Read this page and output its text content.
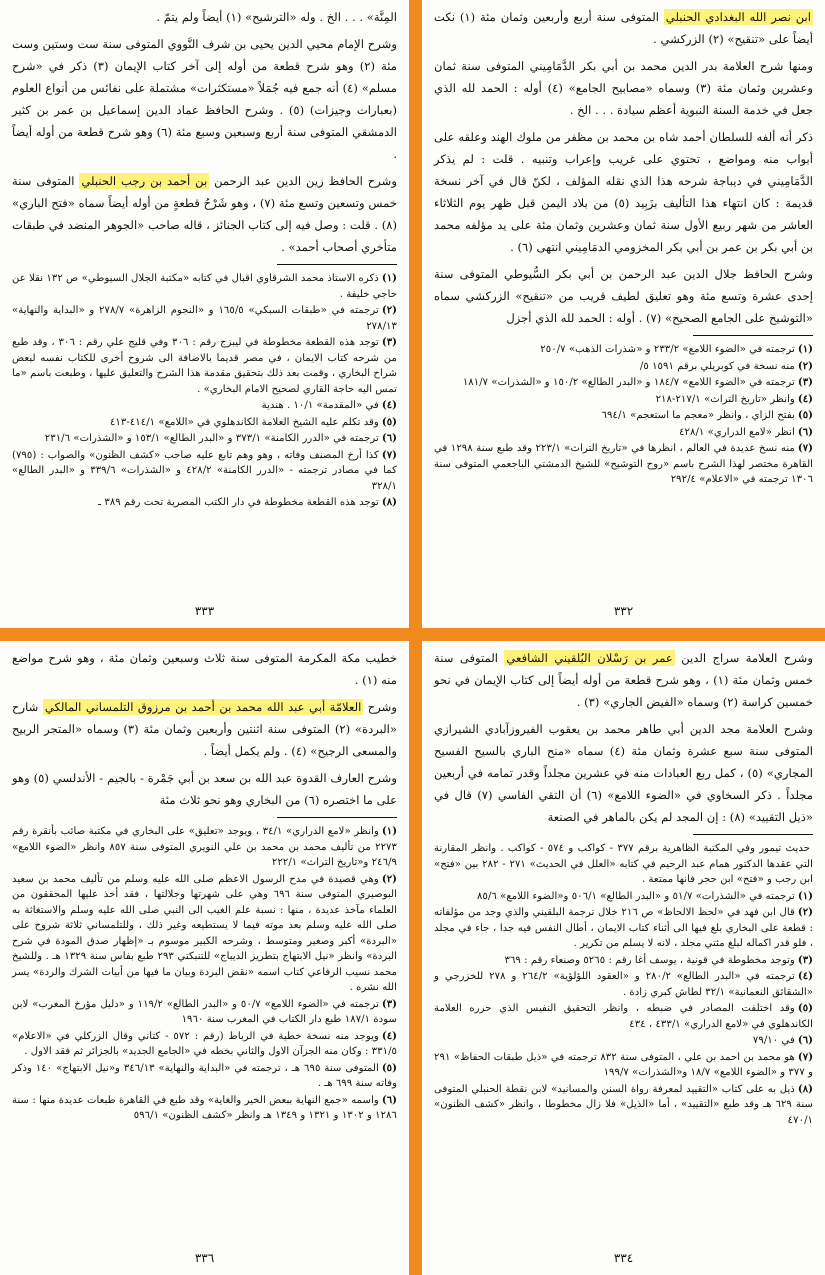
المِنَّة» . . . الخ . وله «الترشيح» (١) أيضاً ولم يتمّ .

وشرح الإمام محيي الدين يحيى بن شرف النَّووي المتوفى سنة ست وستين وست مئة (٢) وهو شرح قطعة من أوله إلى آخر كتاب الإيمان (٣) ذكر في «شرح مسلم» (٤) أنه جمع فيه جُمَلاً «مستكثرات» مشتملة على نفائس من أنواع العلوم (بعبارات وجيزات) (٥) . وشرح الحافظ عماد الدين إسماعيل بن عمر بن كثير الدمشقي المتوفى سنة أربع وسبعين وسبع مئة (٦) وهو شرح قطعة من أوله أيضاً .

وشرح الحافظ زين الدين عبد الرحمن بن أحمد بن رجب الحنبلي المتوفى سنة خمس وتسعين وتسع مئة (٧) ، وهو شَرْحُ قطعةٍ من أوله أيضاً سماه «فتح الباري» (٨) . قلت : وصل فيه إلى كتاب الجنائز ، قاله صاحب «الجوهر المنضد في طبقات متأخري أصحاب أحمد» .

(١)ذكره الاستاذ محمد الشرقاوي اقبال في كتابه «مكتبة الجلال السيوطي» ص ١٣٢ نقلا عن حاجي خليفة .
(٢)ترجمته في «طبقات السبكي» ١٦٥/٥ و «النجوم الزاهرة» ٢٧٨/٧ و «البداية والنهاية» ٢٧٨/١٣
(٣)توجد هذه القطعة مخطوطة في ليبزج رقم : ٣٠٦ وفي قليج علي رقم : ٣٠٦ ، وقد طبع من شرحه كتاب الايمان ، في مصر قديما بالاضافة الى شروح أخرى للكتاب نفسه لبعض شراح البخاري ، وقمت بعد ذلك بتحقيق مقدمة هذا الشرح والتعليق عليها ، وطبعت باسم «ما تمس اليه حاجة القاري لصحيح الامام البخاري» .
(٤)في «المقدمة» ١٠/١ . هندية
(٥)وقد تكلم عليه الشيخ العلامة الكاندهلوي في «اللامع» ٤١٤/١-٤١٣
(٦)ترجمته في «الدرر الكامنة» ٣٧٣/١ و «البدر الطالع» ١٥٣/١ و «الشذرات» ٢٣١/٦
(٧)كذا أرخ المصنف وفاته ، وهو وهم تابع عليه صاحب «كشف الظنون» والصواب : (٧٩٥) كما في مصادر ترجمته - «الدرر الكامنة» ٤٢٨/٢ و «الشذرات» ٣٣٩/٦ و «البدر الطالع» ٣٢٨/١
(٨)توجد هذه القطعة مخطوطة في دار الكتب المصرية تحت رقم ٣٨٩ ـ
٣٣٣

ابن نصر الله البغدادي الحنبلي المتوفى سنة أربع وأربعين وثمان مئة (١) نكت أيضاً على «تنقيح» (٢) الزركشي .

ومنها شرح العلامة بدر الدين محمد بن أبي بكر الدَّمَامِيني المتوفى سنة ثمان وعشرين وثمان مئة (٣) وسماه «مصابيح الجامع» (٤) أوله : الحمد لله الذي جعل في خدمة السنة النبوية أعظم سيادة . . . الخ .

ذكر أنه ألفه للسلطان أحمد شاه بن محمد بن مظفر من ملوك الهند وعلقه على أبواب منه ومواضع ، تحتوي على غريب وإعراب وتنبيه . قلت : لم يذكر الدَّمَامِيني في ديباجة شرحه هذا الذي نقله المؤلف ، لكنّ قال في آخر نسخة قديمة : كان انتهاء هذا التأليف بزَبِيد (٥) من بلاد اليمن قبل ظهر يوم الثلاثاء العاشر من شهر ربيع الأول سنة ثمان وعشرين وثمان مئة على يد مؤلفه محمد بن أبي بكر بن عمر بن أبي بكر المخزومي الدمَامِيني انتهى (٦) .

وشرح الحافظ جلال الدين عبد الرحمن بن أبي بكر السُّيوطي المتوفى سنة إحدى عشرة وتسع مئة وهو تعليق لطيف قريب من «تنقيح» الزركشي سماه «التوشيح على الجامع الصحيح» (٧) . أوله : الحمد لله الذي أجزل

(١)ترجمته في «الضوء اللامع» ٢٣٣/٢ و «شذرات الذهب» ٢٥٠/٧
(٢)منه نسخة في كوبريلي برقم ١٥٩١ ٥/
(٣)ترجمته في «الضوء اللامع» ١٨٤/٧ و «البدر الطالع» ١٥٠/٢ و «الشذرات» ١٨١/٧
(٤)وانظر «تاريخ التراث» ٢١٧/١-٢١٨
(٥)بفتح الزاي ، وانظر «معجم ما استعجم» ٦٩٤/١
(٦)انظر «لامع الدراري» ٤٢٨/١
(٧)منه نسخ عديدة في العالم ، انظرها في «تاريخ التراث» ٢٢٣/١ وقد طبع سنة ١٢٩٨ في القاهرة مختصر لهذا الشرح باسم «روح التوشيح» للشيخ الدمشتي الباجعمي المتوفى سنة ١٣٠٦ ترجمته في «الاعلام» ٢٩٢/٤
٣٣٢

خطيب مكة المكرمة المتوفى سنة ثلاث وسبعين وثمان مئة ، وهو شرح مواضع منه (١) .

وشرح العلامّة أبي عبد الله محمد بن أحمد بن مرزوق التلمساني المالكي شارح «البردة» (٢) المتوفى سنة اثنتين وأربعين وثمان مئة (٣) وسماه «المتجر الربيح والمسعى الرجيح» (٤) . ولم يكمل أيضاً .

وشرح العارف القدوة عبد الله بن سعد بن أبي جَمْرة - بالجيم - الأندلسي (٥) وهو على ما اختصره (٦) من البخاري وهو نحو ثلاث مئة

(١)وانظر «لامع الدراري» ٣٤/١ ، ويوجد «تعليق» على البخاري في مكتبة صائب بأنقرة رقم ٢٢٧٣ من تأليف محمد بن محمد بن علي النويري المتوفى سنة ٨٥٧ وانظر «الضوء اللامع» ٢٤٦/٩ و«تاريخ التراث» ٢٢٢/١
(٢)وهي قصيدة في مدح الرسول الاعظم صلى الله عليه وسلم من تأليف محمد بن سعيد البوصيري المتوفى سنة ٦٩٦ وهي على شهرتها وجلالتها ، فقد أخذ عليها المحققون من العلماء مآخذ عديدة ، منها : نسبة علم الغيب الى النبي صلى الله عليه وسلم والاستغاثة به صلى الله عليه وسلم بعد موته فيما لا يستطيعه وغير ذلك ، وللتلمساني ثلاثة شروح على «البردة» أكبر وصغير ومتوسط ، وشرحه الكبير موسوم بـ «إظهار صدق المودة في شرح البردة» وانظر «نيل الابتهاج بتطريز الديباج» للتنبكتي ٢٩٣ طبع بفاس سنة ١٣٢٩ هـ . وللشيخ محمد نسيب الرفاعي كتاب اسمه «نقض البردة وبيان ما فيها من أبيات الشرك والردة» يسر الله نشره .
(٣)ترجمته في «الضوء اللامع» ٥٠/٧ و «البدر الطالع» ١١٩/٢ و «دليل مؤرخ المغرب» لابن سودة ١٨٧/١ طبع دار الكتاب في المغرب سنة ١٩٦٠
(٤)ويوجد منه نسخة خطية في الرباط (رقم : ٥٧٢ - كتاني وقال الزركلي في «الاعلام» ٣٣١/٥ : وكان منه الجزآن الاول والثاني بخطه في «الجامع الجديد» بالجزائر ثم فقد الاول .
(٥)المتوفى سنة ٦٩٥ هـ ، ترجمته في «البداية والنهاية» ٣٤٦/١٣ و«نيل الابتهاج» ١٤٠ وذكر وفاته سنة ٦٩٩ هـ .
(٦)واسمه «جمع النهاية ببعض الخير والغاية» وقد طبع في القاهرة طبعات عديدة منها : سنة ١٢٨٦ و ١٣٠٢ و ١٣٢١ و ١٣٤٩ هـ وانظر «كشف الظنون» ٥٩٦/١
٣٣٦

وشرح العلامة سراج الدين عمر بن رَسْلان البُلقيني الشافعي المتوفى سنة خمس وثمان مئة (١) ، وهو شرح قطعة من أوله أيضاً إلى كتاب الإيمان في نحو خمسين كراسة (٢) وسماه «الفيض الجاري» (٣) .

وشرح العلامة مجد الدين أبي طاهر محمد بن يعقوب الفيروزآبادي الشيرازي المتوفى سنة سبع عشرة وثمان مئة (٤) سماه «منح الباري بالسيح الفسيح المجاري» (٥) ، كمل ربع العبادات منه في عشرين مجلداً وقدر تمامه في أربعين مجلداً . ذكر السخاوي في «الضوء اللامع» (٦) أن التقي الفاسي (٧) قال في «ذيل التقييد» (٨) : إن المجد لم يكن بالماهر في الصنعة

حديث تيمور وفي المكتبة الظاهرية برقم ٣٧٧ - كواكب و ٥٧٤ - كواكب . وانظر المقارنة التي عقدها الدكتور همام عبد الرحيم في كتابه «العلل في الحديث» ٢٧١ - ٢٨٢ بين «فتح» ابن رجب و «فتح» ابن حجر فانها ممتعة .
(١)ترجمته في «الشذرات» ٥١/٧ و «البدر الطالع» ٥٠٦/١ و«الضوء اللامع» ٨٥/٦
(٢)قال ابن فهد في «لحظ الالحاظ» ص ٢١٦ خلال ترجمة البلقيني والذي وجد من مؤلفاته : قطعة على البخاري بلغ فيها الى أثناء كتاب الايمان ، أطال النفس فيه جدا ، جاء في مجلد ، فلو قدر اكماله لبلغ مئتي مجلد ، لانه لا يسلم من تكرير .
(٣)وتوجد مخطوطة في قونية ، يوسف أغا رقم : ٥٢٦٥ وصنعاء رقم : ٣٦٩
(٤)ترجمته في «البدر الطالع» ٢٨٠/٢ و «العقود اللؤلؤية» ٢٦٤/٢ و ٢٧٨ للخزرجي و «الشقائق النعمانية» ٣٢/١ لطاش كبري زادة .
(٥)وقد اختلفت المصادر في ضبطه ، وانظر التحقيق النفيس الذي حرره العلامة الكاندهلوي في «لامع الدراري» ٤٣٣/١ ، ٤٣٤
(٦)في ٧٩/١٠
(٧)هو محمد بن احمد بن علي ، المتوفى سنة ٨٣٢ ترجمته في «ذيل طبقات الحفاظ» ٢٩١ و ٣٧٧ و «الضوء اللامع» ١٨/٧ و«الشذرات» ١٩٩/٧
(٨)ذيل به على كتاب «التقييد لمعرفة رواة السنن والمسانيد» لابن نقطة الحنبلي المتوفى سنة ٦٢٩ هـ وقد طبع «التقييد» ، أما «الذيل» فلا زال مخطوطا ، وانظر «كشف الظنون» ٤٧٠/١
٣٣٤
